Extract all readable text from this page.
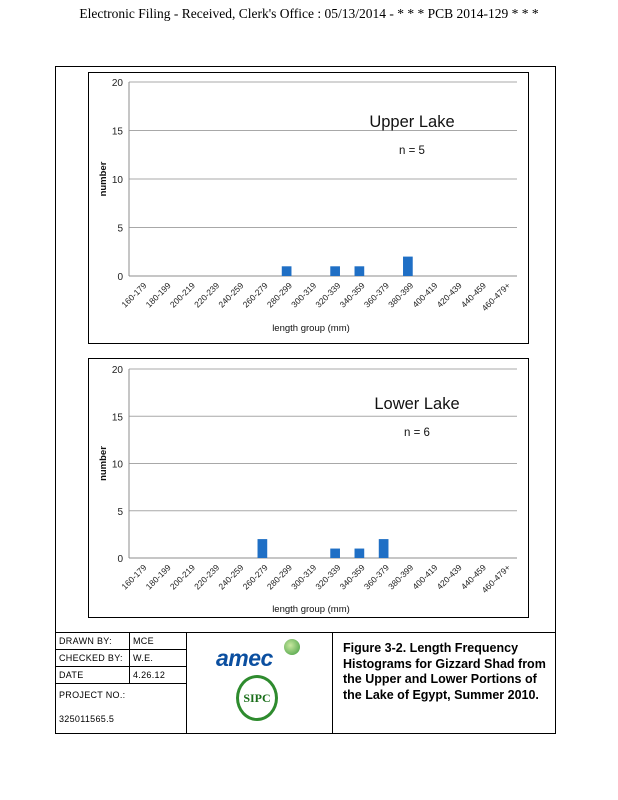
Electronic Filing - Received, Clerk's Office : 05/13/2014 - * * * PCB 2014-129 * * *
0
5
10
15
20
160-179
180-199
200-219
220-239
240-259
260-279
280-299
300-319
320-339
340-359
360-379
380-399
400-419
420-439
440-459
460-479+
length group (mm)
number
Upper Lake
n = 5
0
5
10
15
20
160-179
180-199
200-219
220-239
240-259
260-279
280-299
300-319
320-339
340-359
360-379
380-399
400-419
420-439
440-459
460-479+
length group (mm)
number
Lower Lake
n = 6
DRAWN BY: MCE
CHECKED BY: W.E.
DATE	4.26.12
PROJECT NO.:
325011565.5
amec
SIPC
Figure 3-2. Length Frequency Histograms for Gizzard Shad from the Upper and Lower Portions of the Lake of Egypt, Summer 2010.
